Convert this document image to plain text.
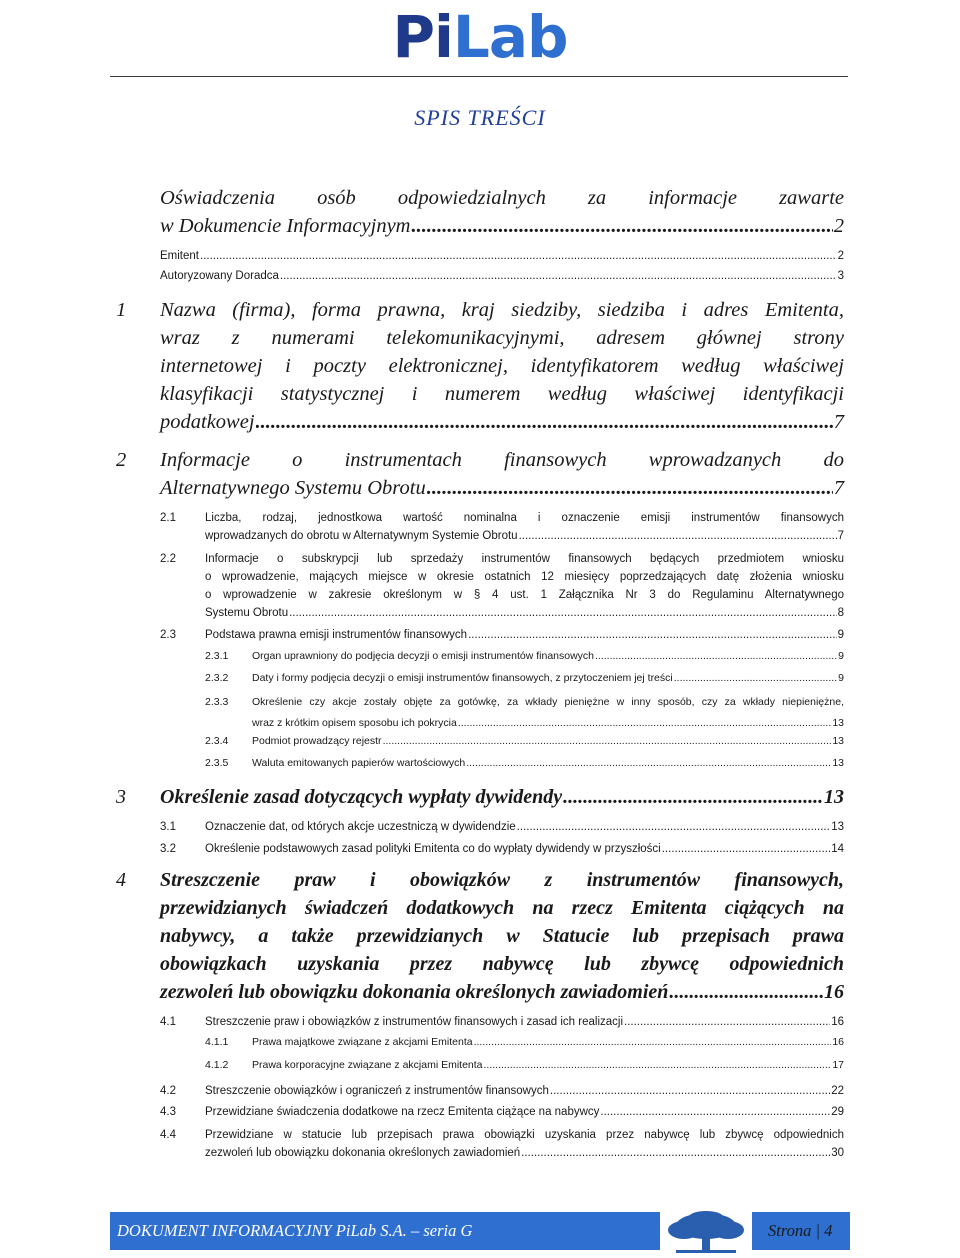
PiLab
SPIS TREŚCI
Oświadczenia osób odpowiedzialnych za informacje zawarte
w Dokumencie Informacyjnym .....	2
Emitent .....	2
Autoryzowany Doradca .....	3
1 Nazwa (firma), forma prawna, kraj siedziby, siedziba i adres Emitenta,
wraz z numerami telekomunikacyjnymi, adresem głównej strony
internetowej i poczty elektronicznej, identyfikatorem według właściwej
klasyfikacji statystycznej i numerem według właściwej identyfikacji
podatkowej .....	7
2 Informacje o instrumentach finansowych wprowadzanych do
Alternatywnego Systemu Obrotu .....	7
2.1	Liczba, rodzaj, jednostkowa wartość nominalna i oznaczenie emisji instrumentów finansowych
wprowadzanych do obrotu w Alternatywnym Systemie Obrotu .....	7
2.2	Informacje o subskrypcji lub sprzedaży instrumentów finansowych będących przedmiotem wniosku
o wprowadzenie, mających miejsce w okresie ostatnich 12 miesięcy poprzedzających datę złożenia wniosku
o wprowadzenie w zakresie określonym w § 4 ust. 1 Załącznika Nr 3 do Regulaminu Alternatywnego
Systemu Obrotu .....	8
2.3	Podstawa prawna emisji instrumentów finansowych .....	9
2.3.1 Organ uprawniony do podjęcia decyzji o emisji instrumentów finansowych .....	9
2.3.2 Daty i formy podjęcia decyzji o emisji instrumentów finansowych, z przytoczeniem jej treści .....	9
2.3.3 Określenie czy akcje zostały objęte za gotówkę, za wkłady pieniężne w inny sposób, czy za wkłady niepieniężne,
wraz z krótkim opisem sposobu ich pokrycia .....	13
2.3.4 Podmiot prowadzący rejestr .....	13
2.3.5 Waluta emitowanych papierów wartościowych .....	13
3 Określenie zasad dotyczących wypłaty dywidendy .....	13
3.1	Oznaczenie dat, od których akcje uczestniczą w dywidendzie .....	13
3.2	Określenie podstawowych zasad polityki Emitenta co do wypłaty dywidendy w przyszłości .....	14
4 Streszczenie praw i obowiązków z instrumentów finansowych,
przewidzianych świadczeń dodatkowych na rzecz Emitenta ciążących na
nabywcy, a także przewidzianych w Statucie lub przepisach prawa
obowiązkach uzyskania przez nabywcę lub zbywcę odpowiednich
zezwoleń lub obowiązku dokonania określonych zawiadomień .....	16
4.1	Streszczenie praw i obowiązków z instrumentów finansowych i zasad ich realizacji .....	16
4.1.1 Prawa majątkowe związane z akcjami Emitenta .....	16
4.1.2 Prawa korporacyjne związane z akcjami Emitenta .....	17
4.2	Streszczenie obowiązków i ograniczeń z instrumentów finansowych .....	22
4.3	Przewidziane świadczenia dodatkowe na rzecz Emitenta ciążące na nabywcy .....	29
4.4	Przewidziane w statucie lub przepisach prawa obowiązki uzyskania przez nabywcę lub zbywcę odpowiednich
zezwoleń lub obowiązku dokonania określonych zawiadomień .....	30
DOKUMENT INFORMACYJNY PiLab S.A. – seria G	Strona | 4
